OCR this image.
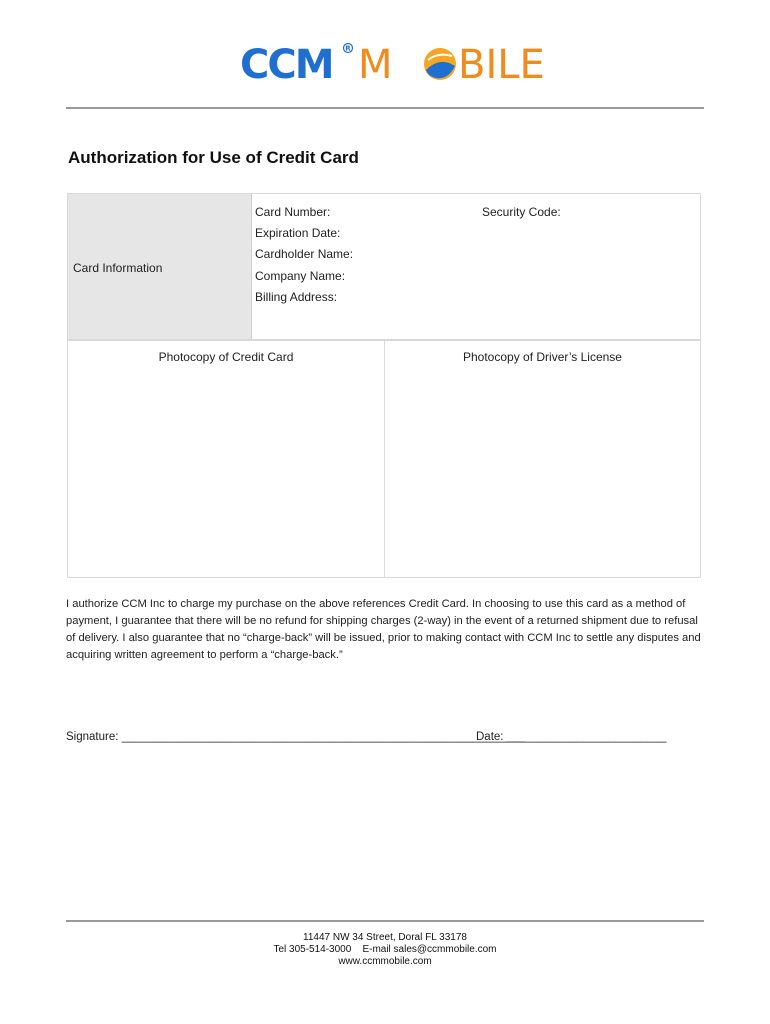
CCM R M BILE
Authorization for Use of Credit Card
Card Information
Card Number:	Security Code:
Expiration Date:
Cardholder Name:
Company Name:
Billing Address:
Photocopy of Credit Card	Photocopy of Driver’s License
I authorize CCM Inc to charge my purchase on the above references Credit Card. In choosing to use this card as a method of payment, I guarantee that there will be no refund for shipping charges (2-way) in the event of a returned shipment due to refusal of delivery. I also guarantee that no “charge-back” will be issued, prior to making contact with CCM Inc to settle any disputes and acquiring written agreement to perform a “charge-back.”
Signature: _______________________________________________________________
Date: _________________________
11447 NW 34 Street, Doral FL 33178
Tel 305-514-3000 E-mail sales@ccmmobile.com
www.ccmmobile.com
